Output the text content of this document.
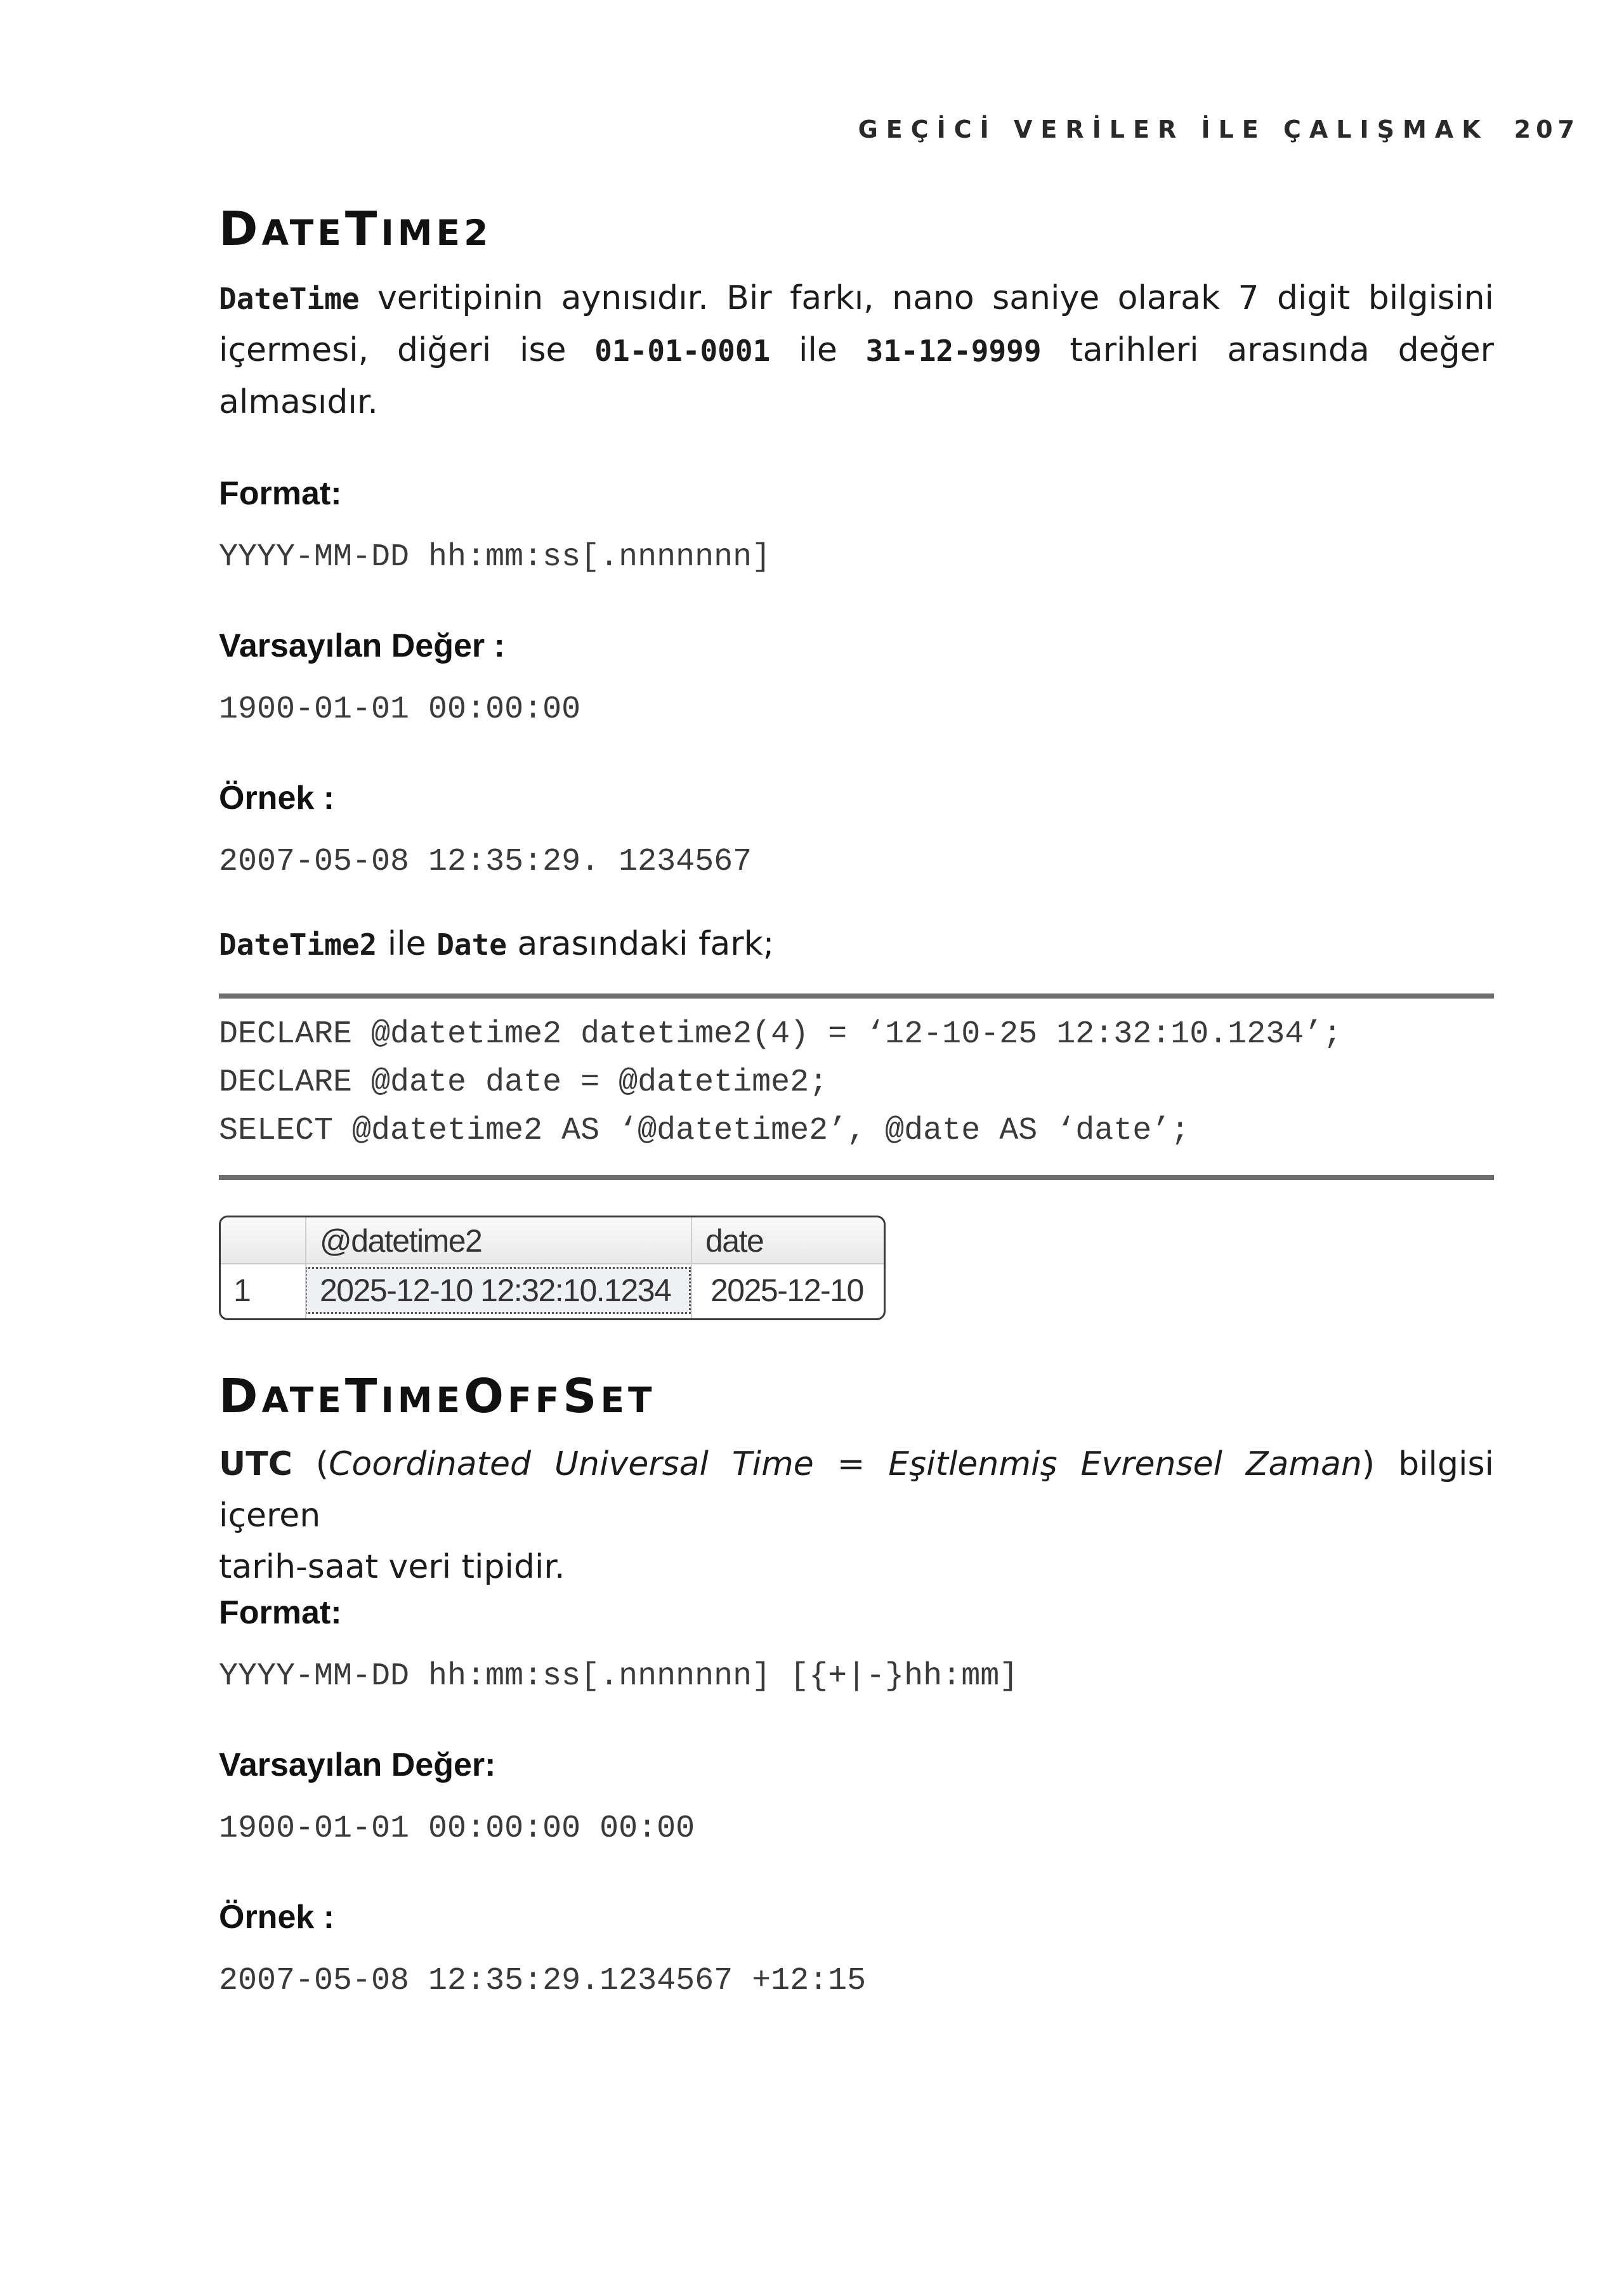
GEÇİCİ VERİLER İLE ÇALIŞMAK 207
DATETIME2
DateTime veritipinin aynısıdır. Bir farkı, nano saniye olarak 7 digit bilgisini
içermesi, diğeri ise 01-01-0001 ile 31-12-9999 tarihleri arasında değer
almasıdır.
Format:
YYYY-MM-DD hh:mm:ss[.nnnnnnn]
Varsayılan Değer :
1900-01-01 00:00:00
Örnek :
2007-05-08 12:35:29. 1234567
DateTime2 ile Date arasındaki fark;
DECLARE @datetime2 datetime2(4) = ‘12-10-25 12:32:10.1234’;
DECLARE @date date = @datetime2;
SELECT @datetime2 AS ‘@datetime2’, @date AS ‘date’;
@datetime2	date
1 2025-12-10 12:32:10.1234 2025-12-10
DATETIMEOFFSET
UTC (Coordinated Universal Time = Eşitlenmiş Evrensel Zaman) bilgisi içeren
tarih-saat veri tipidir.
Format:
YYYY-MM-DD hh:mm:ss[.nnnnnnn] [{+|-}hh:mm]
Varsayılan Değer:
1900-01-01 00:00:00 00:00
Örnek :
2007-05-08 12:35:29.1234567 +12:15
